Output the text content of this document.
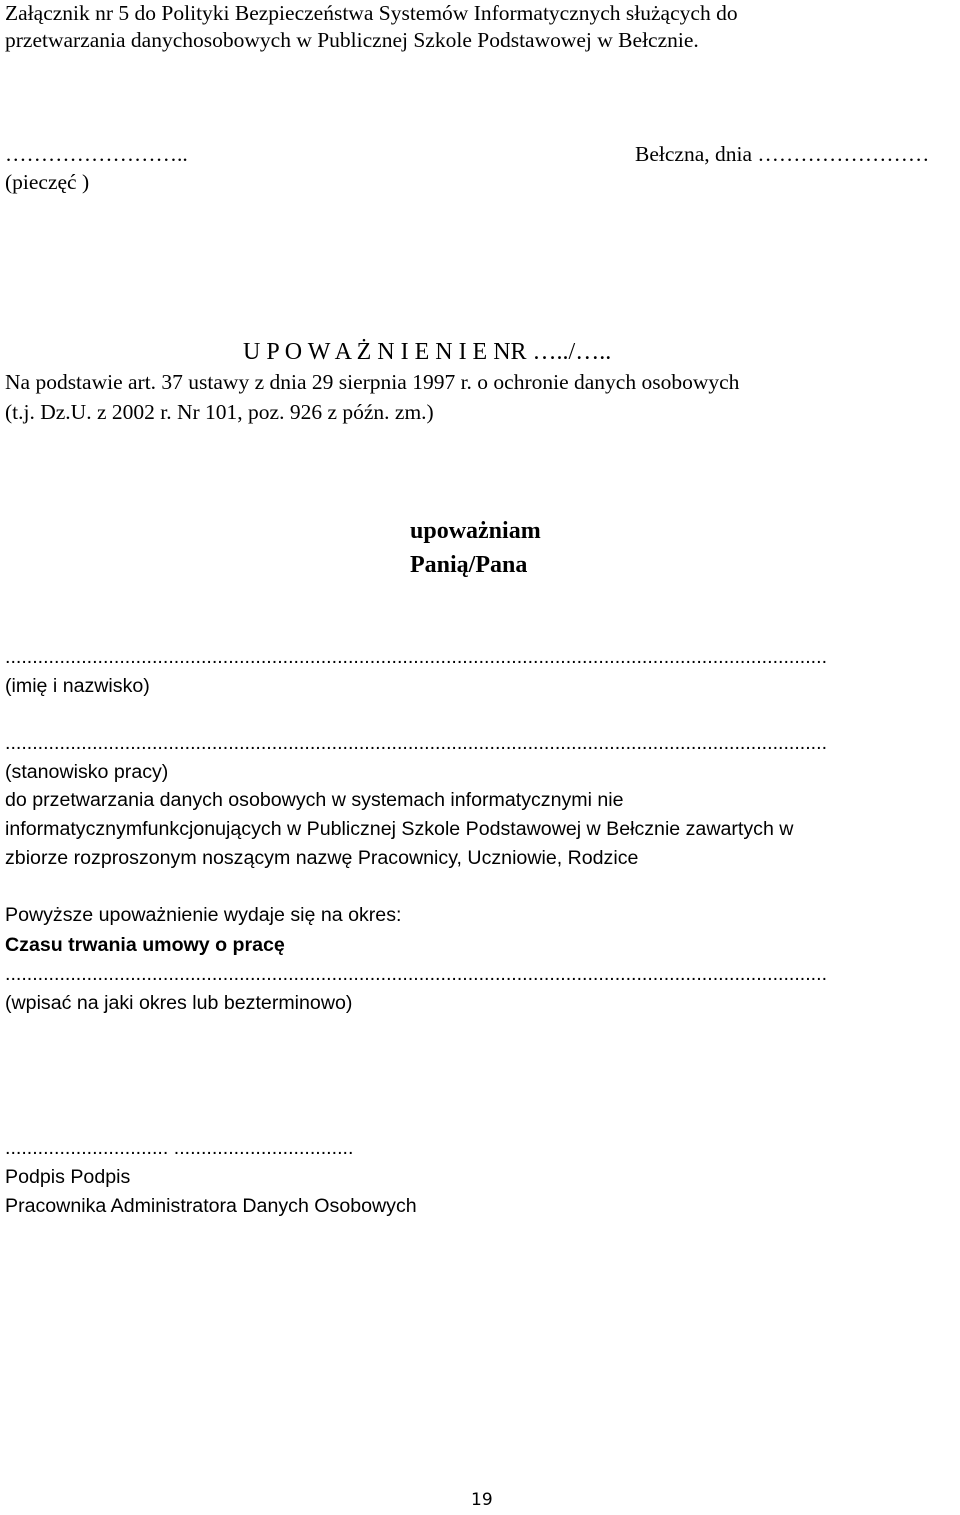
Załącznik nr 5 do Polityki Bezpieczeństwa Systemów Informatycznych służących do
przetwarzania danychosobowych w Publicznej Szkole Podstawowej w Bełcznie.
……………………..
(pieczęć )
Bełczna, dnia ……………………
U P O W A Ż N I E N I E NR …../…..
Na podstawie art. 37 ustawy z dnia 29 sierpnia 1997 r. o ochronie danych osobowych
(t.j. Dz.U. z 2002 r. Nr 101, poz. 926 z późn. zm.)
upoważniam
Panią/Pana
.......................................................................................................................................................
(imię i nazwisko)
.......................................................................................................................................................
(stanowisko pracy)
do przetwarzania danych osobowych w systemach informatycznymi nie
informatycznymfunkcjonujących w Publicznej Szkole Podstawowej w Bełcznie zawartych w
zbiorze rozproszonym noszącym nazwę Pracownicy, Uczniowie, Rodzice
Powyższe upoważnienie wydaje się na okres:
Czasu trwania umowy o pracę
.......................................................................................................................................................
(wpisać na jaki okres lub bezterminowo)
.............................. .................................
Podpis Podpis
Pracownika Administratora Danych Osobowych
19
